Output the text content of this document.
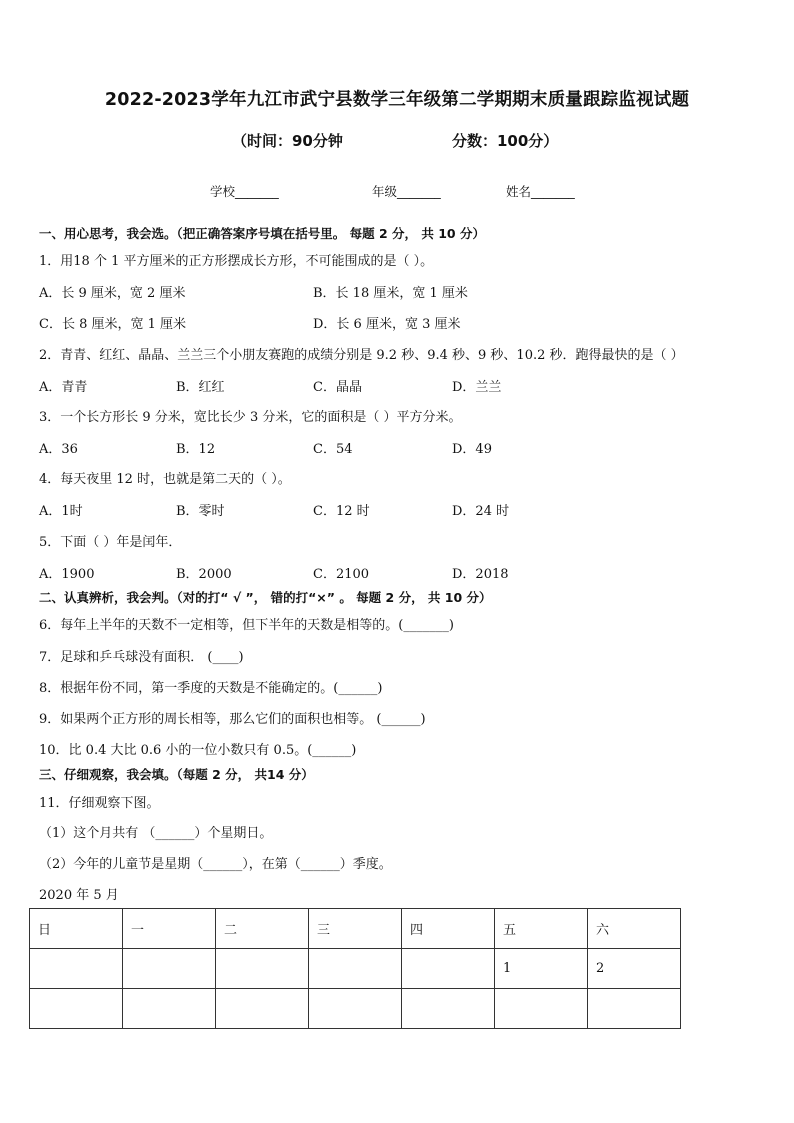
2022-2023学年九江市武宁县数学三年级第二学期期末质量跟踪监视试题
（时间：90分钟	分数：100分）
学校_______	年级_______	姓名_______
一、用心思考，我会选。（把正确答案序号填在括号里。 每题 2 分， 共 10 分）
1．用18 个 1 平方厘米的正方形摆成长方形，不可能围成的是（ ）。
A．长 9 厘米，宽 2 厘米	B．长 18 厘米，宽 1 厘米
C．长 8 厘米，宽 1 厘米	D．长 6 厘米，宽 3 厘米
2．青青、红红、晶晶、兰兰三个小朋友赛跑的成绩分别是 9.2 秒、9.4 秒、9 秒、10.2 秒．跑得最快的是（ ）
A．青青	B．红红	C．晶晶	D．兰兰
3．一个长方形长 9 分米，宽比长少 3 分米，它的面积是（ ）平方分米。
A．36	B．12	C．54	D．49
4．每天夜里 12 时，也就是第二天的（ ）。
A．1时	B．零时	C．12 时	D．24 时
5．下面（ ）年是闰年．
A．1900	B．2000	C．2100	D．2018
二、认真辨析，我会判。（对的打“ √ ”， 错的打“×” 。 每题 2 分， 共 10 分）
6．每年上半年的天数不一定相等，但下半年的天数是相等的。(_______)
7．足球和乒乓球没有面积． (____)
8．根据年份不同，第一季度的天数是不能确定的。(______)
9．如果两个正方形的周长相等，那么它们的面积也相等。 (______)
10．比 0.4 大比 0.6 小的一位小数只有 0.5。(______)
三、仔细观察，我会填。（每题 2 分， 共14 分）
11．仔细观察下图。
（1）这个月共有 （______）个星期日。
（2）今年的儿童节是星期（______），在第（______）季度。
2020 年 5 月
日	一	二	三	四	五	六
					1	2
